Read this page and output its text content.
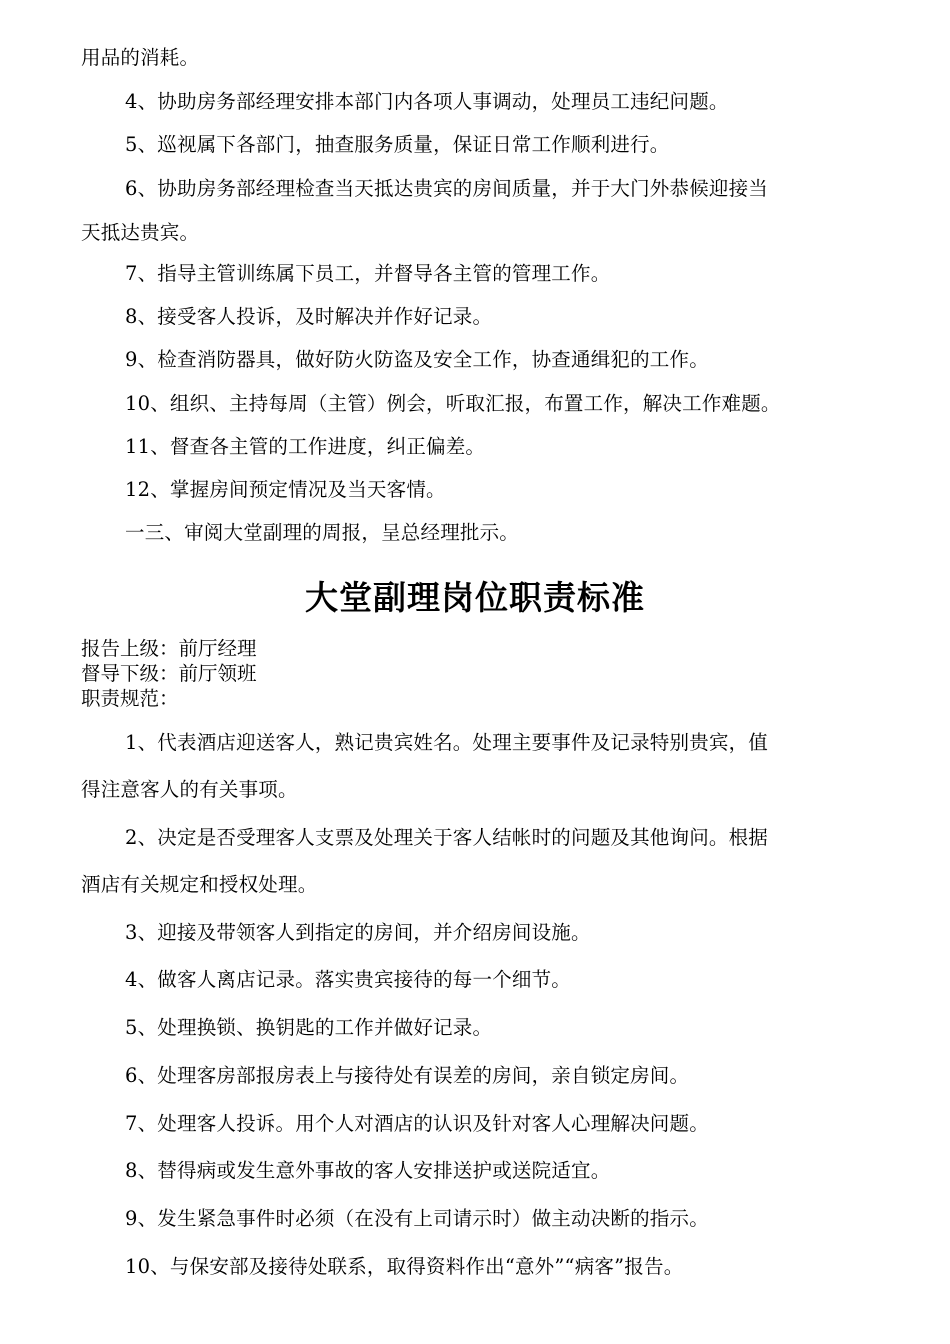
用品的消耗。
4、协助房务部经理安排本部门内各项人事调动，处理员工违纪问题。
5、巡视属下各部门，抽查服务质量，保证日常工作顺利进行。
6、协助房务部经理检查当天抵达贵宾的房间质量，并于大门外恭候迎接当
天抵达贵宾。
7、指导主管训练属下员工，并督导各主管的管理工作。
8、接受客人投诉，及时解决并作好记录。
9、检查消防器具，做好防火防盗及安全工作，协查通缉犯的工作。
10、组织、主持每周（主管）例会，听取汇报，布置工作，解决工作难题。
11、督查各主管的工作进度，纠正偏差。
12、掌握房间预定情况及当天客情。
一三、审阅大堂副理的周报，呈总经理批示。
大堂副理岗位职责标准
报告上级：前厅经理
督导下级：前厅领班
职责规范：
1、代表酒店迎送客人，熟记贵宾姓名。处理主要事件及记录特别贵宾，值
得注意客人的有关事项。
2、决定是否受理客人支票及处理关于客人结帐时的问题及其他询问。根据
酒店有关规定和授权处理。
3、迎接及带领客人到指定的房间，并介绍房间设施。
4、做客人离店记录。落实贵宾接待的每一个细节。
5、处理换锁、换钥匙的工作并做好记录。
6、处理客房部报房表上与接待处有误差的房间，亲自锁定房间。
7、处理客人投诉。用个人对酒店的认识及针对客人心理解决问题。
8、替得病或发生意外事故的客人安排送护或送院适宜。
9、发生紧急事件时必须（在没有上司请示时）做主动决断的指示。
10、与保安部及接待处联系，取得资料作出“意外”“病客”报告。
